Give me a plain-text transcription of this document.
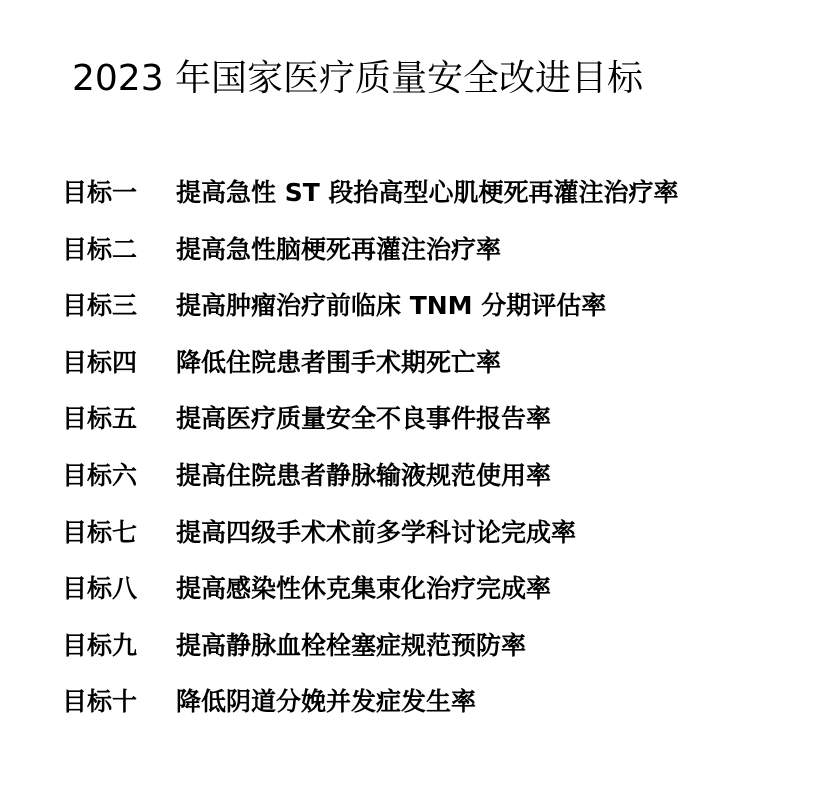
2023 年国家医疗质量安全改进目标
目标一	提高急性 ST 段抬高型心肌梗死再灌注治疗率
目标二	提高急性脑梗死再灌注治疗率
目标三	提高肿瘤治疗前临床 TNM 分期评估率
目标四	降低住院患者围手术期死亡率
目标五	提高医疗质量安全不良事件报告率
目标六	提高住院患者静脉输液规范使用率
目标七	提高四级手术术前多学科讨论完成率
目标八	提高感染性休克集束化治疗完成率
目标九	提高静脉血栓栓塞症规范预防率
目标十	降低阴道分娩并发症发生率
